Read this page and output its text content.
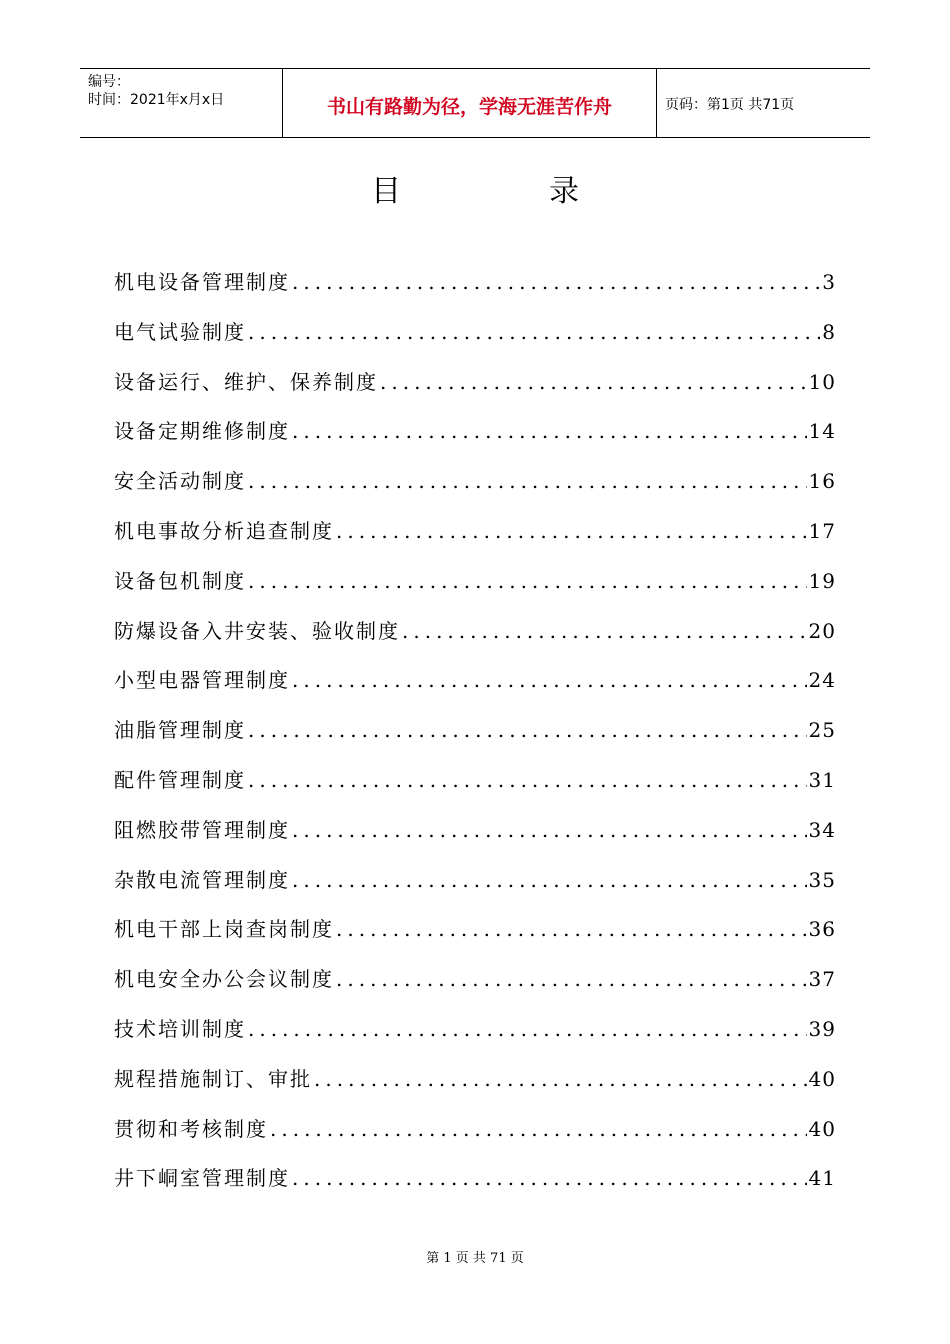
编号：
时间：2021年x月x日	书山有路勤为径，学海无涯苦作舟	页码：第1页 共71页
目录
机电设备管理制度 .....	3
电气试验制度 .....	8
设备运行、维护、保养制度 .....	10
设备定期维修制度 .....	14
安全活动制度 .....	16
机电事故分析追查制度 .....	17
设备包机制度 .....	19
防爆设备入井安装、验收制度 .....	20
小型电器管理制度 .....	24
油脂管理制度 .....	25
配件管理制度 .....	31
阻燃胶带管理制度 .....	34
杂散电流管理制度 .....	35
机电干部上岗查岗制度 .....	36
机电安全办公会议制度 .....	37
技术培训制度 .....	39
规程措施制订、审批 .....	40
贯彻和考核制度 .....	40
井下峒室管理制度 .....	41
第 1 页 共 71 页
